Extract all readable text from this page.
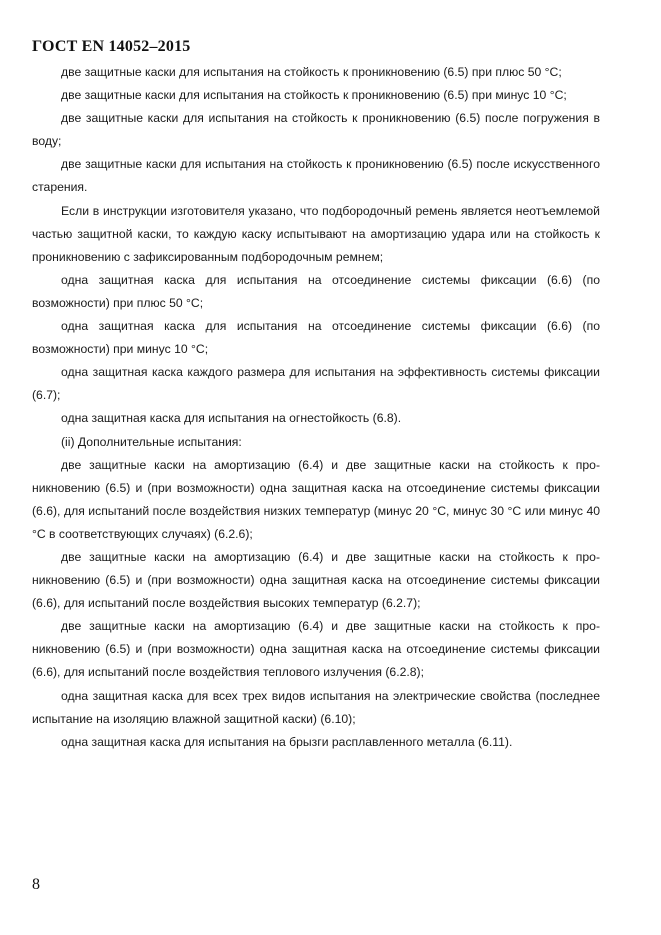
ГОСТ EN 14052–2015

две защитные каски для испытания на стойкость к проникновению (6.5) при плюс 50 °С;

две защитные каски для испытания на стойкость к проникновению (6.5) при минус 10 °С;

две защитные каски для испытания на стойкость к проникновению (6.5) после погружения в воду;

две защитные каски для испытания на стойкость к проникновению (6.5) после искусственного старения.

Если в инструкции изготовителя указано, что подбородочный ремень является неотъемлемой частью защитной каски, то каждую каску испытывают на амортизацию удара или на стойкость к проникновению с зафиксированным подбородочным ремнем;

одна защитная каска для испытания на отсоединение системы фиксации (6.6) (по возможности) при плюс 50 °С;

одна защитная каска для испытания на отсоединение системы фиксации (6.6) (по возможности) при минус 10 °С;

одна защитная каска каждого размера для испытания на эффективность системы фиксации (6.7);

одна защитная каска для испытания на огнестойкость (6.8).

(ii) Дополнительные испытания:

две защитные каски на амортизацию (6.4) и две защитные каски на стойкость к проникновению (6.5) и (при возможности) одна защитная каска на отсоединение системы фиксации (6.6), для испытаний после воздействия низких температур (минус 20 °С, минус 30 °С или минус 40 °С в соответствующих случаях) (6.2.6);

две защитные каски на амортизацию (6.4) и две защитные каски на стойкость к проникновению (6.5) и (при возможности) одна защитная каска на отсоединение системы фиксации (6.6), для испытаний после воздействия высоких температур (6.2.7);

две защитные каски на амортизацию (6.4) и две защитные каски на стойкость к проникновению (6.5) и (при возможности) одна защитная каска на отсоединение системы фиксации (6.6), для испытаний после воздействия теплового излучения (6.2.8);

одна защитная каска для всех трех видов испытания на электрические свойства (последнее испытание на изоляцию влажной защитной каски) (6.10);

одна защитная каска для испытания на брызги расплавленного металла (6.11).

8
